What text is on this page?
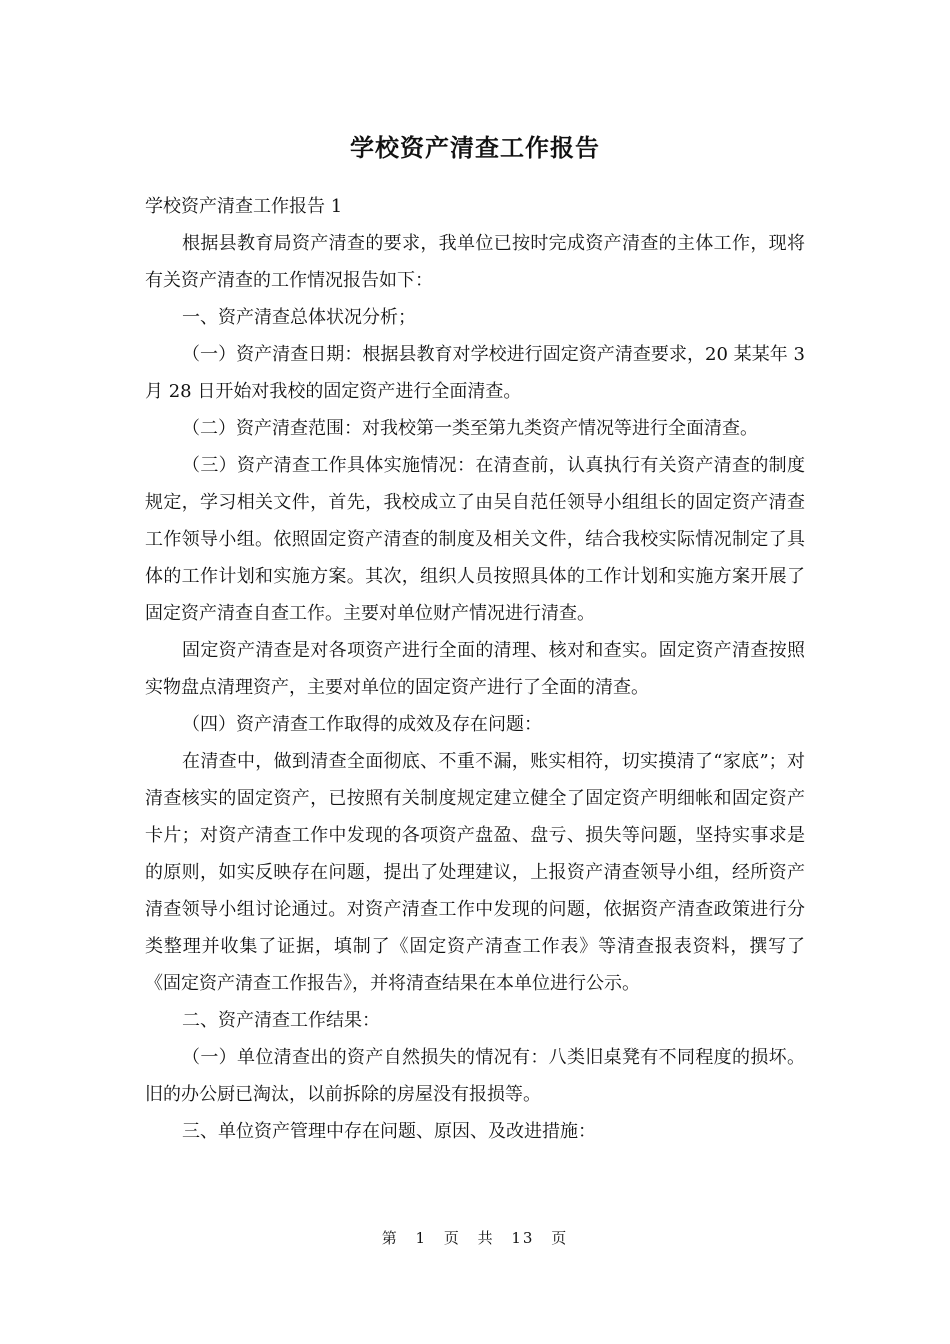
学校资产清查工作报告

学校资产清查工作报告 1

根据县教育局资产清查的要求，我单位已按时完成资产清查的主体工作，现将有关资产清查的工作情况报告如下：

一、资产清查总体状况分析；

（一）资产清查日期：根据县教育对学校进行固定资产清查要求，20 某某年 3 月 28 日开始对我校的固定资产进行全面清查。

（二）资产清查范围：对我校第一类至第九类资产情况等进行全面清查。

（三）资产清查工作具体实施情况：在清查前，认真执行有关资产清查的制度规定，学习相关文件，首先，我校成立了由吴自范任领导小组组长的固定资产清查工作领导小组。依照固定资产清查的制度及相关文件，结合我校实际情况制定了具体的工作计划和实施方案。其次，组织人员按照具体的工作计划和实施方案开展了固定资产清查自查工作。主要对单位财产情况进行清查。

固定资产清查是对各项资产进行全面的清理、核对和查实。固定资产清查按照实物盘点清理资产，主要对单位的固定资产进行了全面的清查。

（四）资产清查工作取得的成效及存在问题：

在清查中，做到清查全面彻底、不重不漏，账实相符，切实摸清了“家底”；对清查核实的固定资产，已按照有关制度规定建立健全了固定资产明细帐和固定资产卡片；对资产清查工作中发现的各项资产盘盈、盘亏、损失等问题，坚持实事求是的原则，如实反映存在问题，提出了处理建议，上报资产清查领导小组，经所资产清查领导小组讨论通过。对资产清查工作中发现的问题，依据资产清查政策进行分类整理并收集了证据，填制了《固定资产清查工作表》等清查报表资料，撰写了《固定资产清查工作报告》，并将清查结果在本单位进行公示。

二、资产清查工作结果：

（一）单位清查出的资产自然损失的情况有：八类旧桌凳有不同程度的损坏。旧的办公厨已淘汰，以前拆除的房屋没有报损等。

三、单位资产管理中存在问题、原因、及改进措施：

第 1 页 共 13 页
